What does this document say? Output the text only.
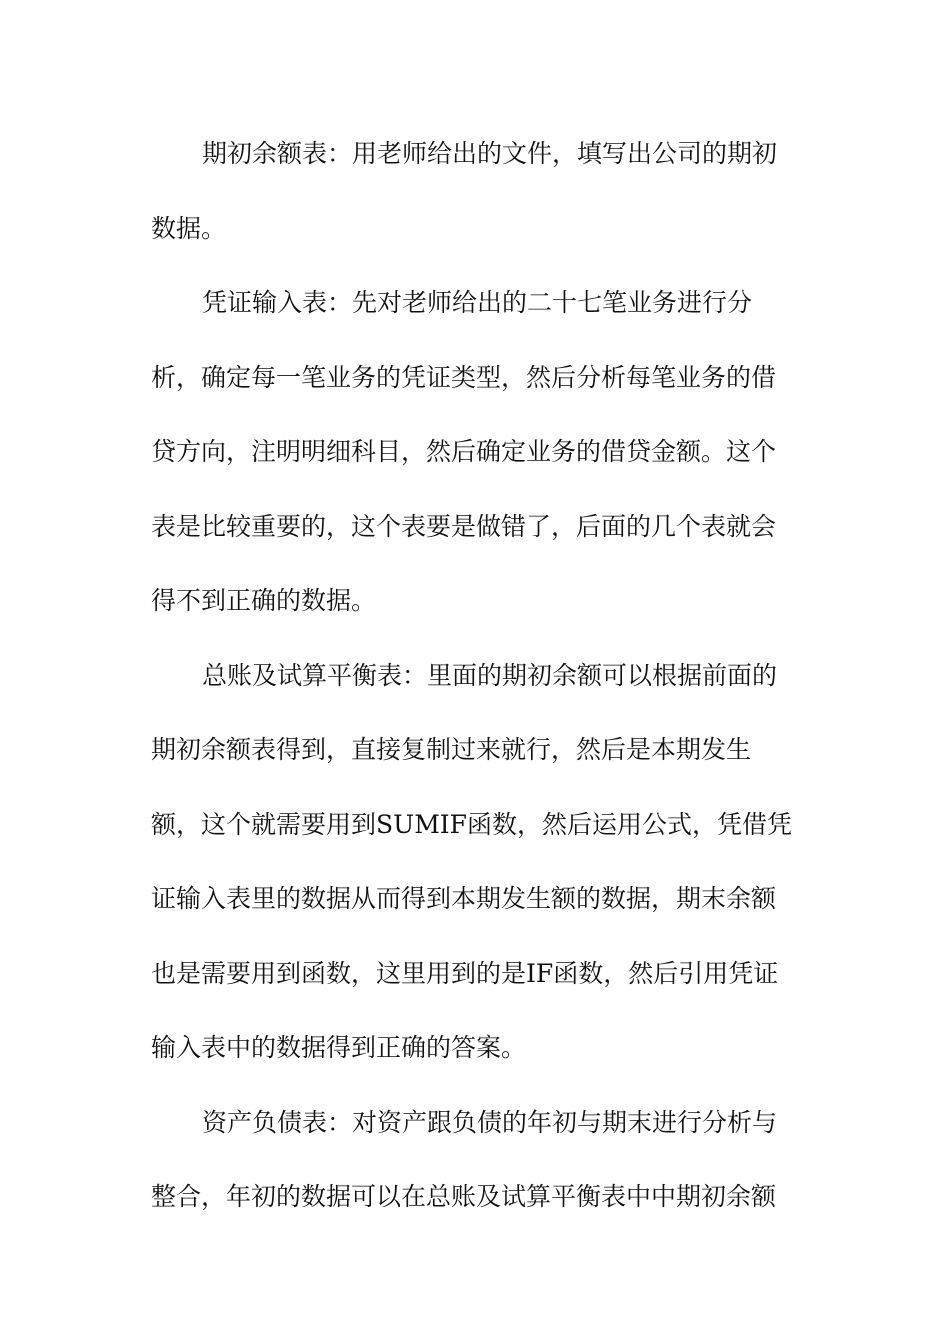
期初余额表：用老师给出的文件，填写出公司的期初数据。

凭证输入表：先对老师给出的二十七笔业务进行分析，确定每一笔业务的凭证类型，然后分析每笔业务的借贷方向，注明明细科目，然后确定业务的借贷金额。这个表是比较重要的，这个表要是做错了，后面的几个表就会得不到正确的数据。

总账及试算平衡表：里面的期初余额可以根据前面的期初余额表得到，直接复制过来就行，然后是本期发生额，这个就需要用到SUMIF函数，然后运用公式，凭借凭证输入表里的数据从而得到本期发生额的数据，期末余额也是需要用到函数，这里用到的是IF函数，然后引用凭证输入表中的数据得到正确的答案。

资产负债表：对资产跟负债的年初与期末进行分析与整合，年初的数据可以在总账及试算平衡表中中期初余额
